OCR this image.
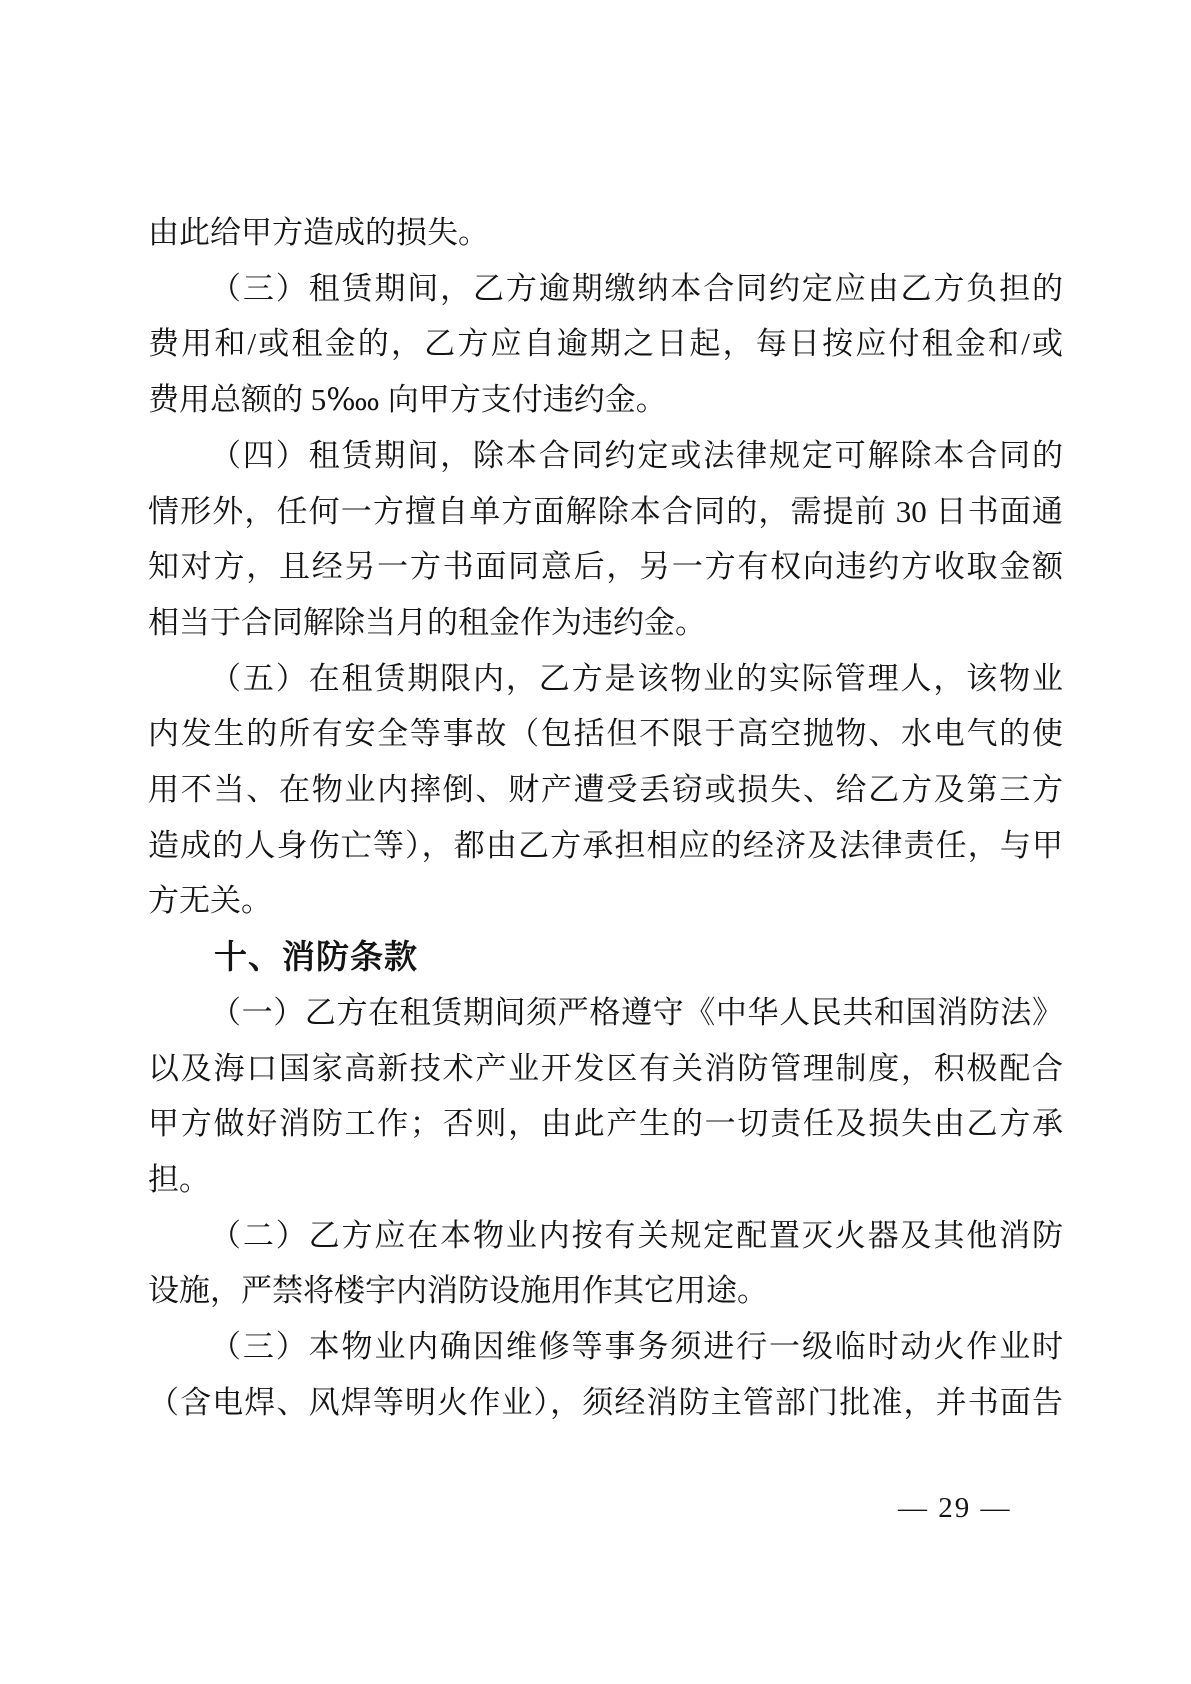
由此给甲方造成的损失。
（三）租赁期间，乙方逾期缴纳本合同约定应由乙方负担的
费用和/或租金的，乙方应自逾期之日起，每日按应付租金和/或
费用总额的 5‱ 向甲方支付违约金。
（四）租赁期间，除本合同约定或法律规定可解除本合同的
情形外，任何一方擅自单方面解除本合同的，需提前 30 日书面通
知对方，且经另一方书面同意后，另一方有权向违约方收取金额
相当于合同解除当月的租金作为违约金。
（五）在租赁期限内，乙方是该物业的实际管理人，该物业
内发生的所有安全等事故（包括但不限于高空抛物、水电气的使
用不当、在物业内摔倒、财产遭受丢窃或损失、给乙方及第三方
造成的人身伤亡等），都由乙方承担相应的经济及法律责任，与甲
方无关。
十、消防条款
（一）乙方在租赁期间须严格遵守《中华人民共和国消防法》
以及海口国家高新技术产业开发区有关消防管理制度，积极配合
甲方做好消防工作；否则，由此产生的一切责任及损失由乙方承
担。
（二）乙方应在本物业内按有关规定配置灭火器及其他消防
设施，严禁将楼宇内消防设施用作其它用途。
（三）本物业内确因维修等事务须进行一级临时动火作业时
（含电焊、风焊等明火作业），须经消防主管部门批准，并书面告
— 29 —
